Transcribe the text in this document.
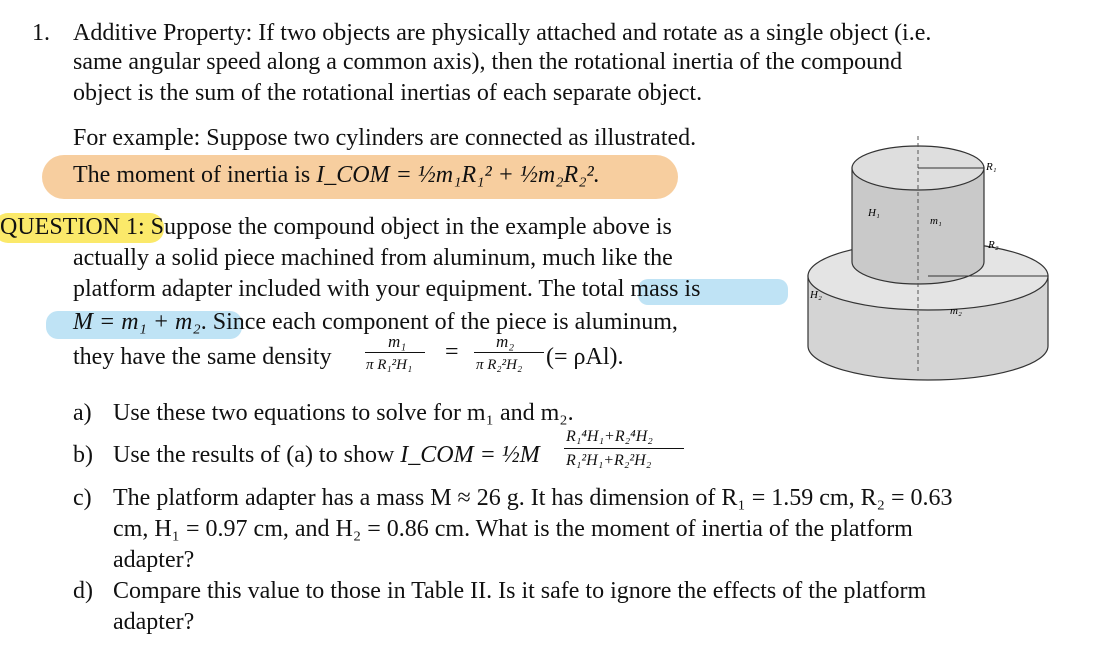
1. Additive Property: If two objects are physically attached and rotate as a single object (i.e.
same angular speed along a common axis), then the rotational inertia of the compound
object is the sum of the rotational inertias of each separate object.
For example: Suppose two cylinders are connected as illustrated.
The moment of inertia is I_COM = ½m₁R₁² + ½m₂R₂².
QUESTION 1: Suppose the compound object in the example above is
actually a solid piece machined from aluminum, much like the
platform adapter included with your equipment. The total mass is
M = m₁ + m₂. Since each component of the piece is aluminum,
they have the same density
m₁
π R₁²H₁ = m₂
π R₂²H₂ (= ρAl).
a) Use these two equations to solve for m₁ and m₂.
b) Use the results of (a) to show I_COM = ½M
R₁⁴H₁+R₂⁴H₂
R₁²H₁+R₂²H₂
c) The platform adapter has a mass M ≈ 26 g. It has dimension of R₁ = 1.59 cm, R₂ = 0.63
cm, H₁ = 0.97 cm, and H₂ = 0.86 cm. What is the moment of inertia of the platform
adapter?
d) Compare this value to those in Table II. Is it safe to ignore the effects of the platform
adapter?
R₁
R₂
H₁
H₂
m₁
m₂
